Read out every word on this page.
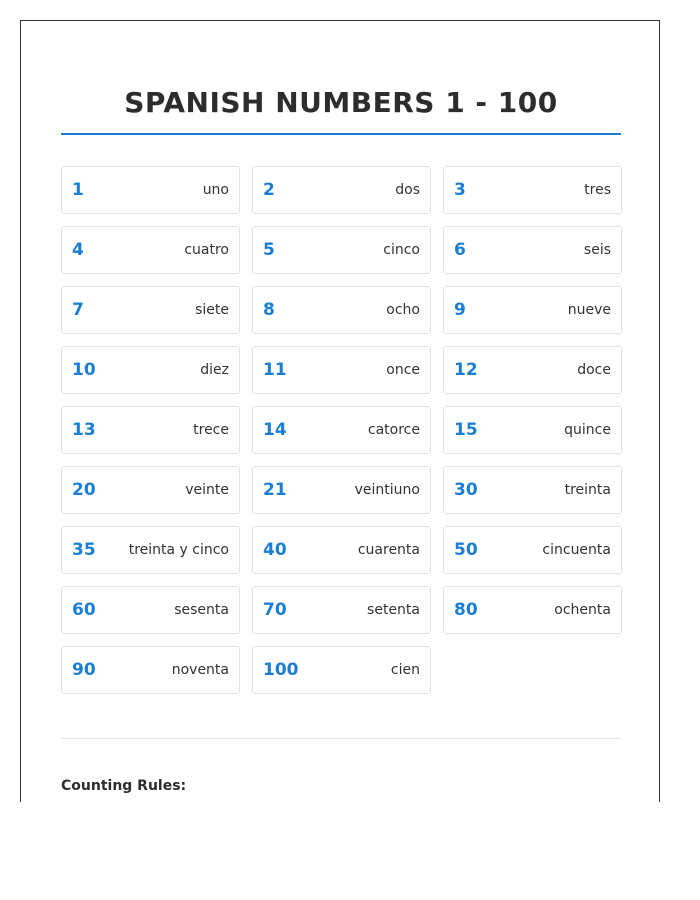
SPANISH NUMBERS 1 - 100
1	uno 2	dos 3	tres
4	cuatro 5	cinco 6	seis
7	siete 8	ocho 9	nueve
10	diez 11	once 12	doce
13	trece 14	catorce 15	quince
20	veinte 21	veintiuno 30	treinta
35 treinta y cinco 40	cuarenta 50	cincuenta
60	sesenta 70	setenta 80	ochenta
90	noventa 100	cien
Counting Rules:
